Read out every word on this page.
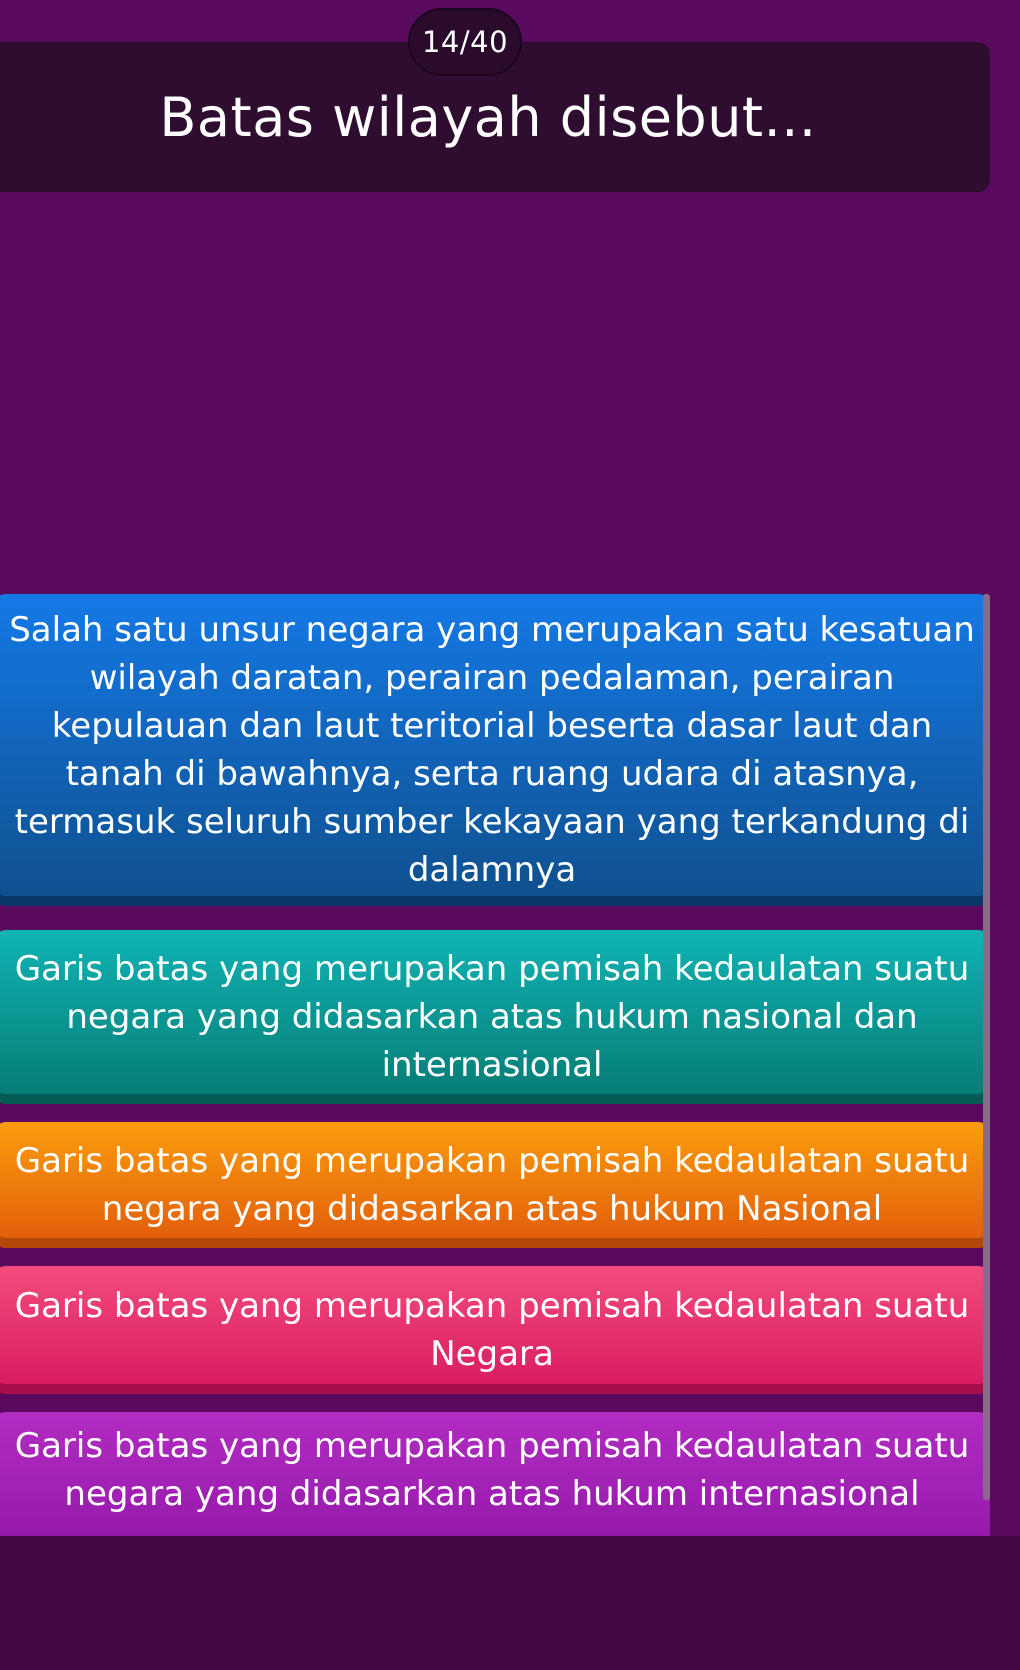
14/40
Batas wilayah disebut...
Salah satu unsur negara yang merupakan satu kesatuan wilayah daratan, perairan pedalaman, perairan kepulauan dan laut teritorial beserta dasar laut dan tanah di bawahnya, serta ruang udara di atasnya, termasuk seluruh sumber kekayaan yang terkandung di dalamnya
Garis batas yang merupakan pemisah kedaulatan suatu negara yang didasarkan atas hukum nasional dan internasional
Garis batas yang merupakan pemisah kedaulatan suatu negara yang didasarkan atas hukum Nasional
Garis batas yang merupakan pemisah kedaulatan suatu Negara
Garis batas yang merupakan pemisah kedaulatan suatu negara yang didasarkan atas hukum internasional
